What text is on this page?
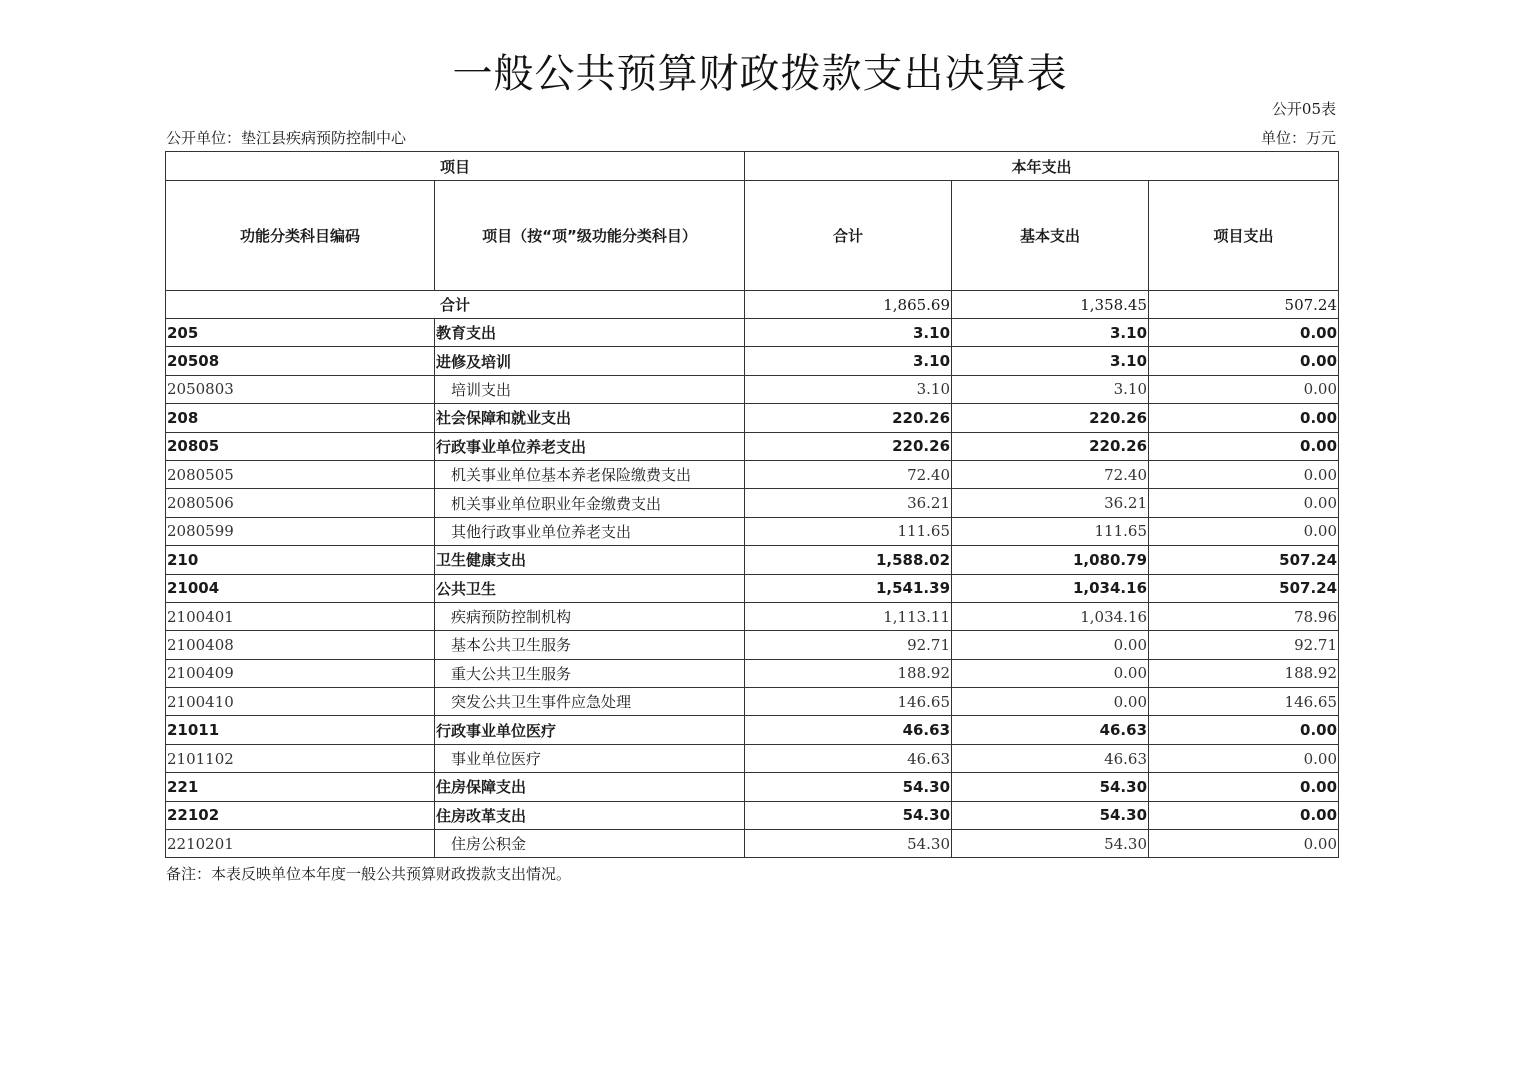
一般公共预算财政拨款支出决算表
公开05表
公开单位：垫江县疾病预防控制中心	单位：万元
项目		本年支出		
功能分类科目编码	项目（按“项”级功能分类科目）	合计	基本支出	项目支出
合计		1,865.69	1,358.45	507.24
205	教育支出	3.10	3.10	0.00
20508	进修及培训	3.10	3.10	0.00
2050803	培训支出	3.10	3.10	0.00
208	社会保障和就业支出	220.26	220.26	0.00
20805	行政事业单位养老支出	220.26	220.26	0.00
2080505	机关事业单位基本养老保险缴费支出	72.40	72.40	0.00
2080506	机关事业单位职业年金缴费支出	36.21	36.21	0.00
2080599	其他行政事业单位养老支出	111.65	111.65	0.00
210	卫生健康支出	1,588.02	1,080.79	507.24
21004	公共卫生	1,541.39	1,034.16	507.24
2100401	疾病预防控制机构	1,113.11	1,034.16	78.96
2100408	基本公共卫生服务	92.71	0.00	92.71
2100409	重大公共卫生服务	188.92	0.00	188.92
2100410	突发公共卫生事件应急处理	146.65	0.00	146.65
21011	行政事业单位医疗	46.63	46.63	0.00
2101102	事业单位医疗	46.63	46.63	0.00
221	住房保障支出	54.30	54.30	0.00
22102	住房改革支出	54.30	54.30	0.00
2210201	住房公积金	54.30	54.30	0.00
备注：本表反映单位本年度一般公共预算财政拨款支出情况。
